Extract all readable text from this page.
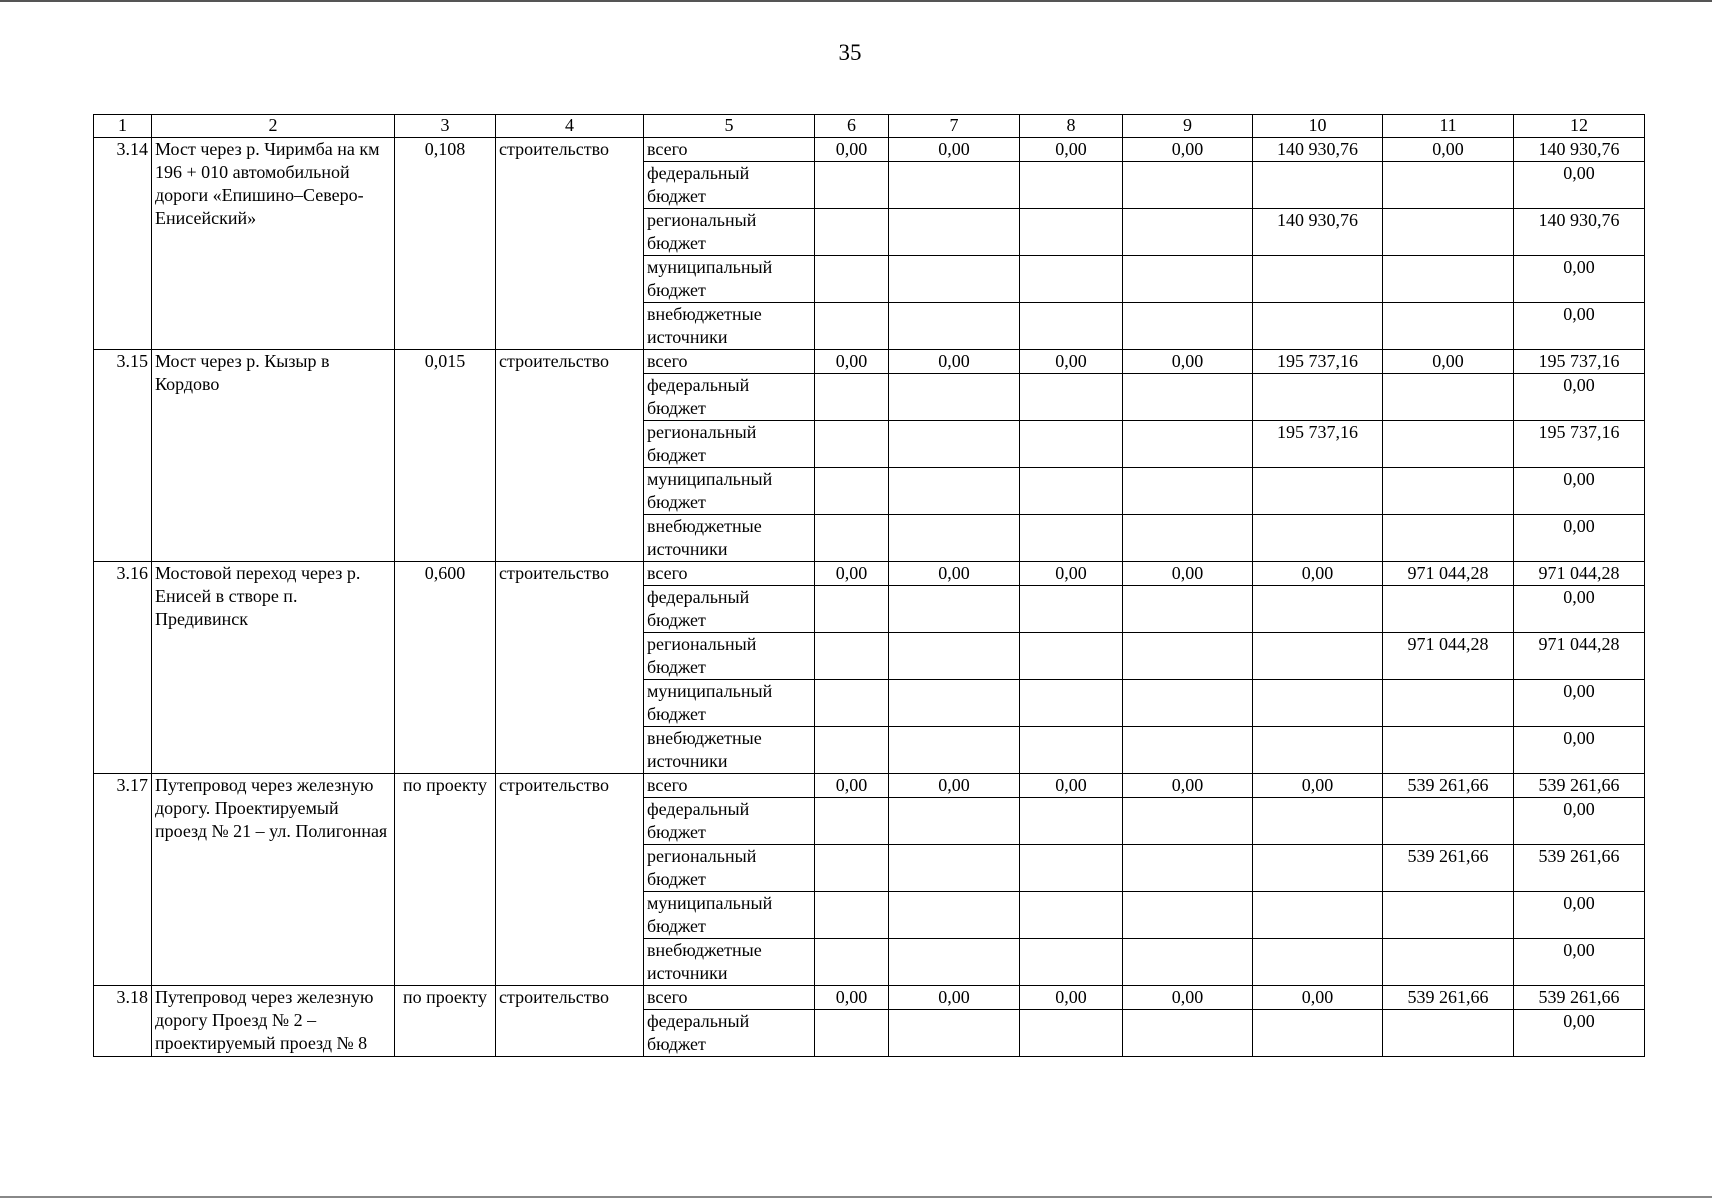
35
1	2	3	4	5	6	7	8	9	10	11	12
3.14	Мост через р. Чиримба на км 196 + 010 автомобильной дороги «Епишино–Северо-Енисейский»	0,108	строительство	всего	0,00	0,00	0,00	0,00	140 930,76	0,00	140 930,76
				федеральный бюджет							0,00
				региональный бюджет					140 930,76		140 930,76
				муниципальный бюджет							0,00
				внебюджетные источники							0,00
3.15	Мост через р. Кызыр в Кордово	0,015	строительство	всего	0,00	0,00	0,00	0,00	195 737,16	0,00	195 737,16
				федеральный бюджет							0,00
				региональный бюджет					195 737,16		195 737,16
				муниципальный бюджет							0,00
				внебюджетные источники							0,00
3.16	Мостовой переход через р. Енисей в створе п. Предивинск	0,600	строительство	всего	0,00	0,00	0,00	0,00	0,00	971 044,28	971 044,28
				федеральный бюджет							0,00
				региональный бюджет						971 044,28	971 044,28
				муниципальный бюджет							0,00
				внебюджетные источники							0,00
3.17	Путепровод через железную дорогу. Проектируемый проезд № 21 – ул. Полигонная	по проекту	строительство	всего	0,00	0,00	0,00	0,00	0,00	539 261,66	539 261,66
				федеральный бюджет							0,00
				региональный бюджет						539 261,66	539 261,66
				муниципальный бюджет							0,00
				внебюджетные источники							0,00
3.18	Путепровод через железную дорогу Проезд № 2 – проектируемый проезд № 8	по проекту	строительство	всего	0,00	0,00	0,00	0,00	0,00	539 261,66	539 261,66
				федеральный бюджет							0,00
